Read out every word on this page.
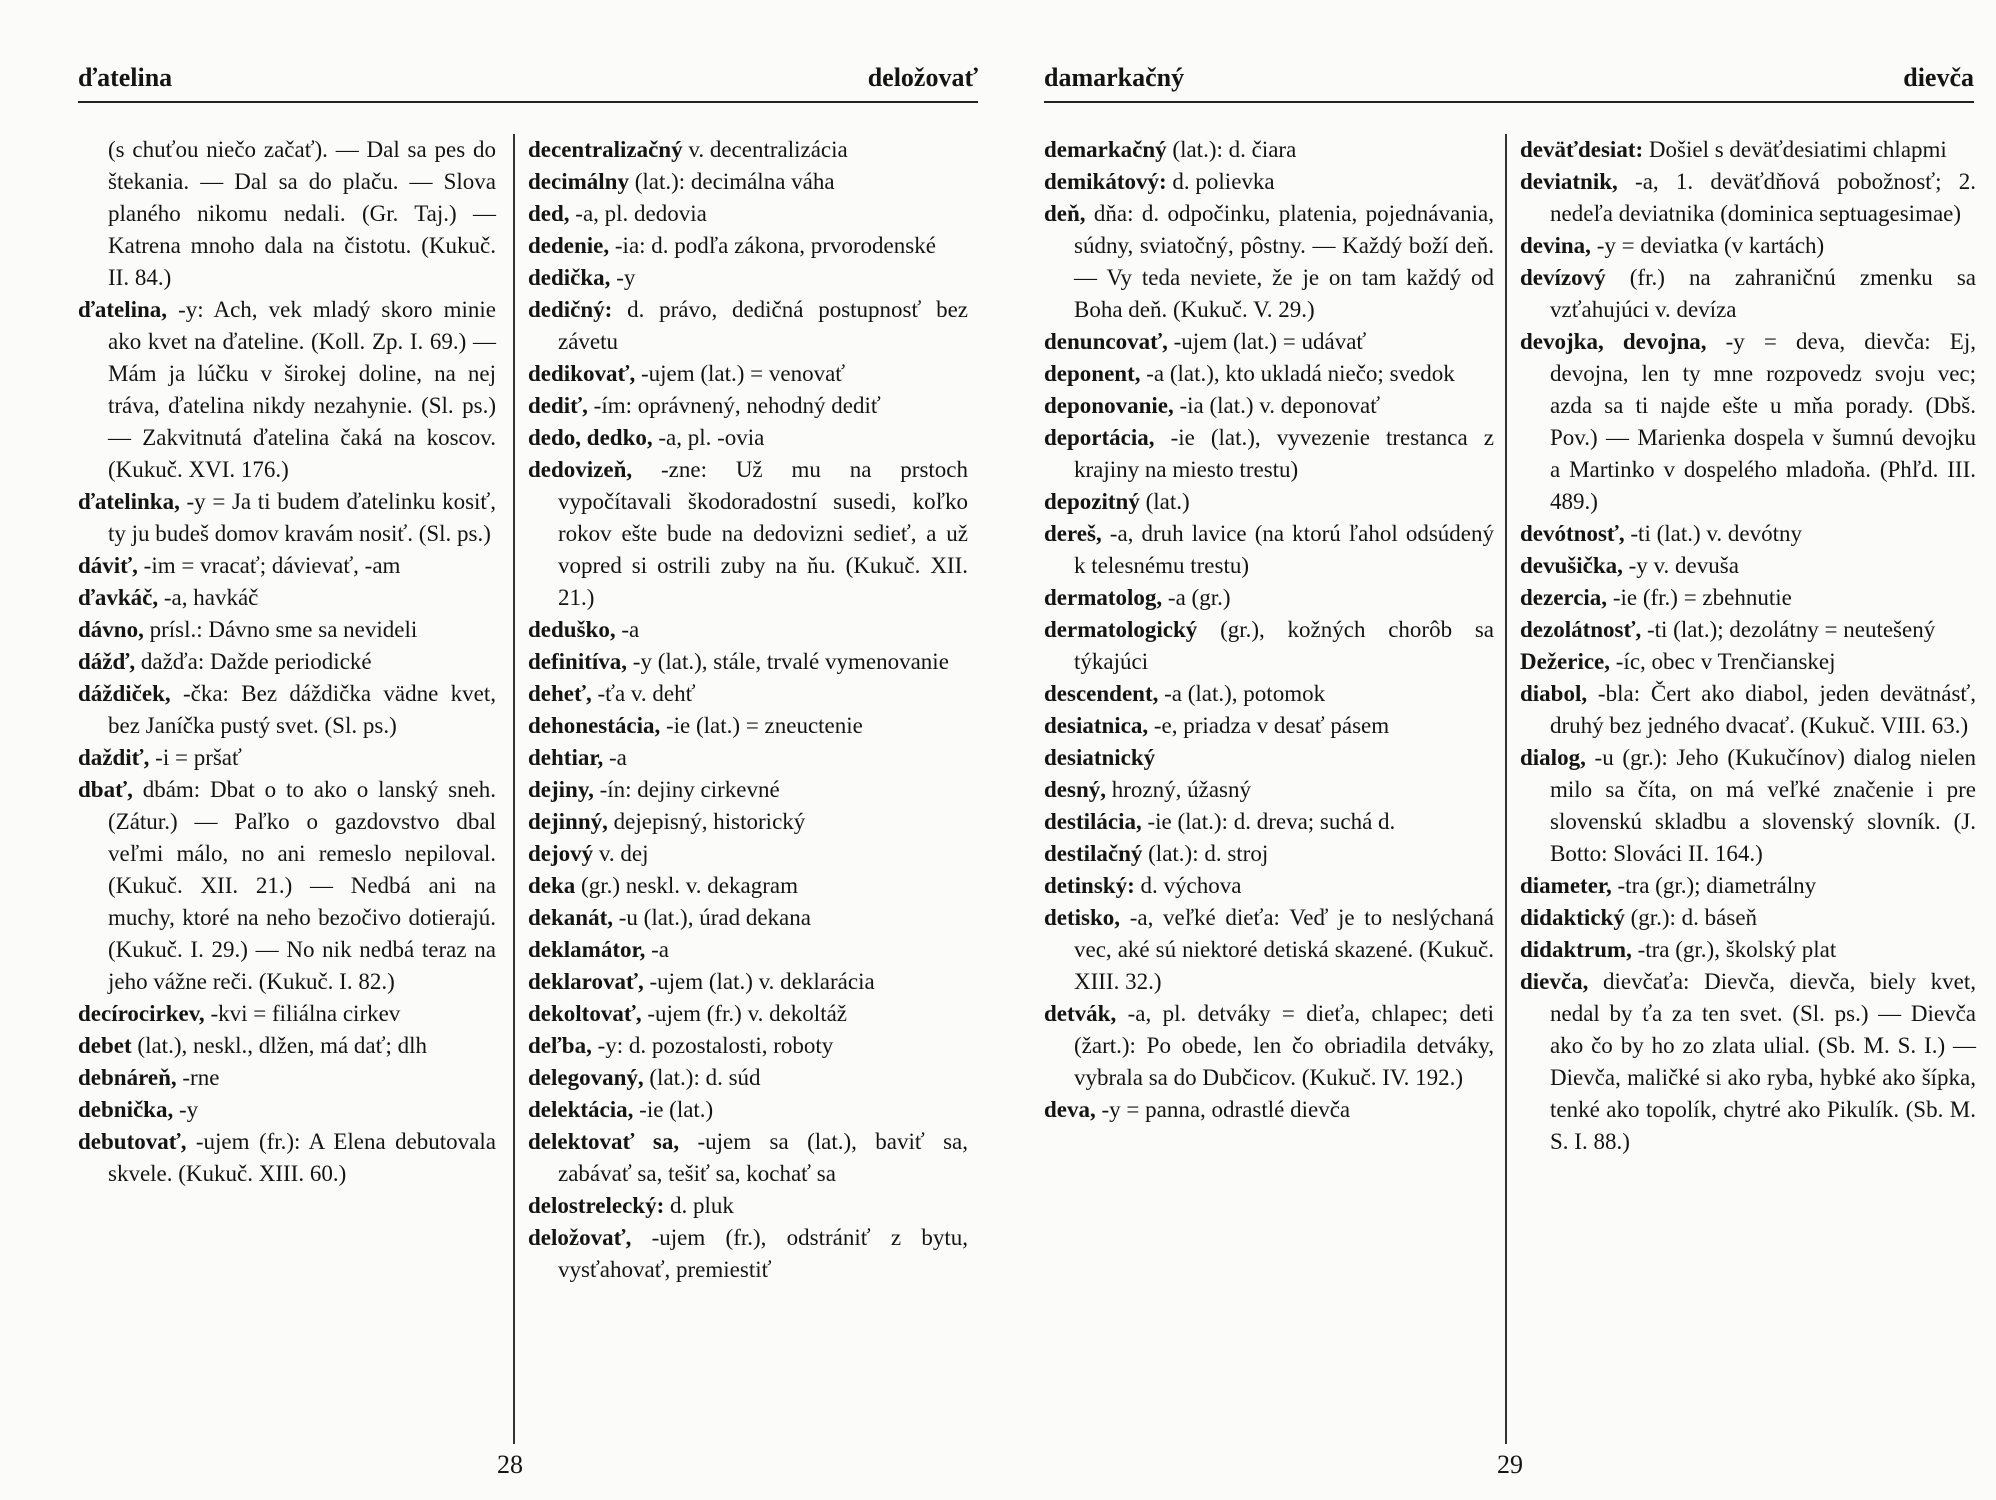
ďatelina	deložovať

(s chuťou niečo začať). — Dal sa pes do štekania. — Dal sa do plaču. — Slova planého nikomu nedali. (Gr. Taj.) — Katrena mnoho dala na čistotu. (Kukuč. II. 84.)

ďatelina, -y: Ach, vek mladý skoro minie ako kvet na ďateline. (Koll. Zp. I. 69.) — Mám ja lúčku v širokej doline, na nej tráva, ďatelina nikdy nezahynie. (Sl. ps.) — Zakvitnutá ďatelina čaká na koscov. (Kukuč. XVI. 176.)

ďatelinka, -y = Ja ti budem ďatelinku kosiť, ty ju budeš domov kravám nosiť. (Sl. ps.)

dáviť, -im = vracať; dávievať, -am

ďavkáč, -a, havkáč

dávno, prísl.: Dávno sme sa nevideli

dážď, dažďa: Dažde periodické

dáždiček, -čka: Bez dáždička vädne kvet, bez Janíčka pustý svet. (Sl. ps.)

daždiť, -i = pršať

dbať, dbám: Dbat o to ako o lanský sneh. (Zátur.) — Paľko o gazdovstvo dbal veľmi málo, no ani remeslo nepiloval. (Kukuč. XII. 21.) — Nedbá ani na muchy, ktoré na neho bezočivo dotierajú. (Kukuč. I. 29.) — No nik nedbá teraz na jeho vážne reči. (Kukuč. I. 82.)

decírocirkev, -kvi = filiálna cirkev

debet (lat.), neskl., dlžen, má dať; dlh

debnáreň, -rne

debnička, -y

debutovať, -ujem (fr.): A Elena debutovala skvele. (Kukuč. XIII. 60.)

decentralizačný v. decentralizácia

decimálny (lat.): decimálna váha

ded, -a, pl. dedovia

dedenie, -ia: d. podľa zákona, prvorodenské

dedička, -y

dedičný: d. právo, dedičná postupnosť bez závetu

dedikovať, -ujem (lat.) = venovať

dediť, -ím: oprávnený, nehodný dediť

dedo, dedko, -a, pl. -ovia

dedovizeň, -zne: Už mu na prstoch vypočítavali škodoradostní susedi, koľko rokov ešte bude na dedovizni sedieť, a už vopred si ostrili zuby na ňu. (Kukuč. XII. 21.)

deduško, -a

definitíva, -y (lat.), stále, trvalé vymenovanie

deheť, -ťa v. dehť

dehonestácia, -ie (lat.) = zneuctenie

dehtiar, -a

dejiny, -ín: dejiny cirkevné

dejinný, dejepisný, historický

dejový v. dej

deka (gr.) neskl. v. dekagram

dekanát, -u (lat.), úrad dekana

deklamátor, -a

deklarovať, -ujem (lat.) v. deklarácia

dekoltovať, -ujem (fr.) v. dekoltáž

deľba, -y: d. pozostalosti, roboty

delegovaný, (lat.): d. súd

delektácia, -ie (lat.)

delektovať sa, -ujem sa (lat.), baviť sa, zabávať sa, tešiť sa, kochať sa

delostrelecký: d. pluk

deložovať, -ujem (fr.), odstrániť z bytu, vysťahovať, premiestiť

28
damarkačný	dievča

demarkačný (lat.): d. čiara

demikátový: d. polievka

deň, dňa: d. odpočinku, platenia, pojednávania, súdny, sviatočný, pôstny. — Každý boží deň. — Vy teda neviete, že je on tam každý od Boha deň. (Kukuč. V. 29.)

denuncovať, -ujem (lat.) = udávať

deponent, -a (lat.), kto ukladá niečo; svedok

deponovanie, -ia (lat.) v. deponovať

deportácia, -ie (lat.), vyvezenie trestanca z krajiny na miesto trestu)

depozitný (lat.)

dereš, -a, druh lavice (na ktorú ľahol odsúdený k telesnému trestu)

dermatolog, -a (gr.)

dermatologický (gr.), kožných chorôb sa týkajúci

descendent, -a (lat.), potomok

desiatnica, -e, priadza v desať pásem

desiatnický

desný, hrozný, úžasný

destilácia, -ie (lat.): d. dreva; suchá d.

destilačný (lat.): d. stroj

detinský: d. výchova

detisko, -a, veľké dieťa: Veď je to neslýchaná vec, aké sú niektoré detiská skazené. (Kukuč. XIII. 32.)

detvák, -a, pl. detváky = dieťa, chlapec; deti (žart.): Po obede, len čo obriadila detváky, vybrala sa do Dubčicov. (Kukuč. IV. 192.)

deva, -y = panna, odrastlé dievča

deväťdesiat: Došiel s deväťdesiatimi chlapmi

deviatnik, -a, 1. deväťdňová pobožnosť; 2. nedeľa deviatnika (dominica septuagesimae)

devina, -y = deviatka (v kartách)

devízový (fr.) na zahraničnú zmenku sa vzťahujúci v. devíza

devojka, devojna, -y = deva, dievča: Ej, devojna, len ty mne rozpovedz svoju vec; azda sa ti najde ešte u mňa porady. (Dbš. Pov.) — Marienka dospela v šumnú devojku a Martinko v dospelého mladoňa. (Phľd. III. 489.)

devótnosť, -ti (lat.) v. devótny

devušička, -y v. devuša

dezercia, -ie (fr.) = zbehnutie

dezolátnosť, -ti (lat.); dezolátny = neutešený

Dežerice, -íc, obec v Trenčianskej

diabol, -bla: Čert ako diabol, jeden devätnásť, druhý bez jedného dvacať. (Kukuč. VIII. 63.)

dialog, -u (gr.): Jeho (Kukučínov) dialog nielen milo sa číta, on má veľké značenie i pre slovenskú skladbu a slovenský slovník. (J. Botto: Slováci II. 164.)

diameter, -tra (gr.); diametrálny

didaktický (gr.): d. báseň

didaktrum, -tra (gr.), školský plat

dievča, dievčaťa: Dievča, dievča, biely kvet, nedal by ťa za ten svet. (Sl. ps.) — Dievča ako čo by ho zo zlata ulial. (Sb. M. S. I.) — Dievča, maličké si ako ryba, hybké ako šípka, tenké ako topolík, chytré ako Pikulík. (Sb. M. S. I. 88.)

29
